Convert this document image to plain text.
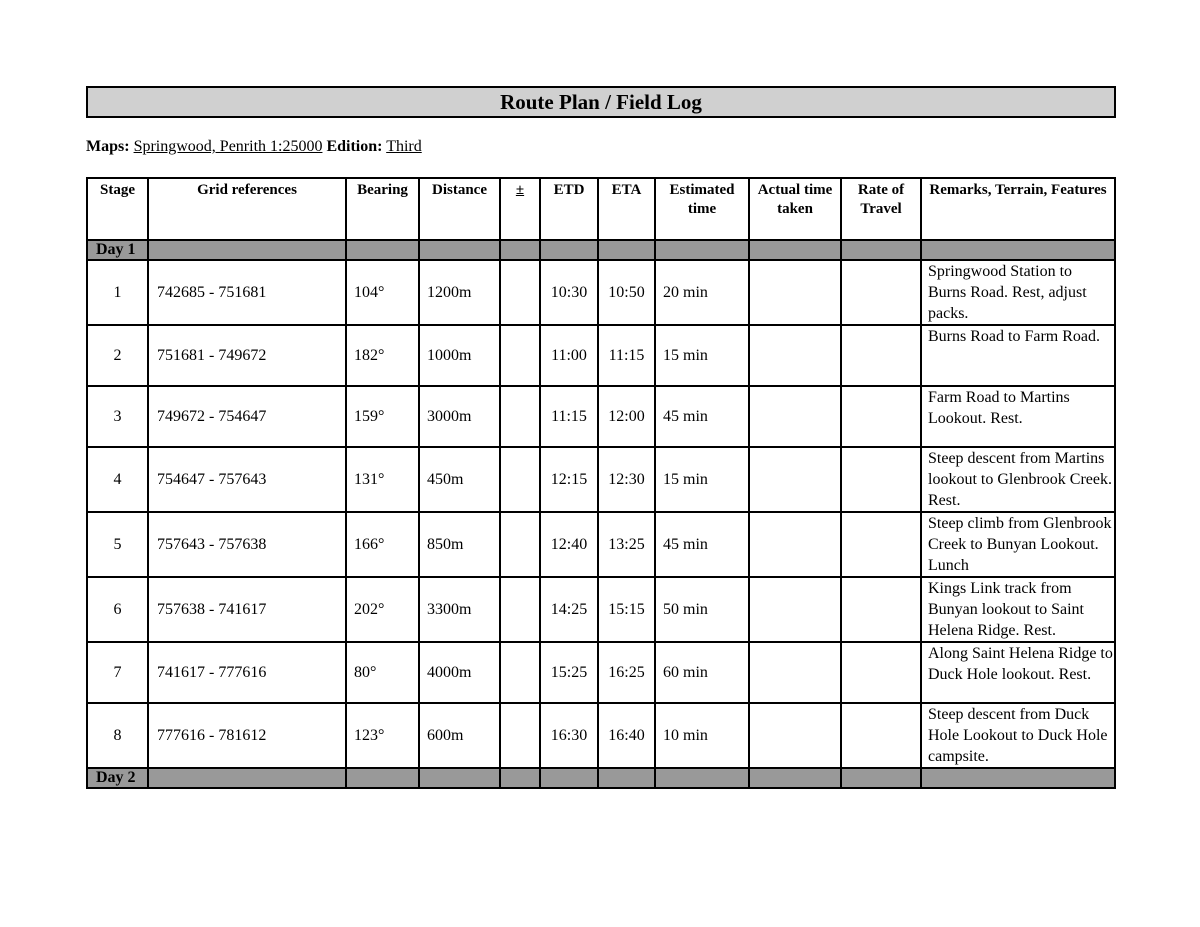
Route Plan / Field Log
Maps: Springwood, Penrith 1:25000 Edition: Third
Stage	Grid references	Bearing	Distance	±	ETD	ETA	Estimated time	Actual time taken	Rate of Travel	Remarks, Terrain, Features
Day 1										
1	742685 - 751681	104°	1200m		10:30	10:50	20 min			Springwood Station to Burns Road. Rest, adjust packs.
2	751681 - 749672	182°	1000m		11:00	11:15	15 min			Burns Road to Farm Road.
3	749672 - 754647	159°	3000m		11:15	12:00	45 min			Farm Road to Martins Lookout. Rest.
4	754647 - 757643	131°	450m		12:15	12:30	15 min			Steep descent from Martins lookout to Glenbrook Creek. Rest.
5	757643 - 757638	166°	850m		12:40	13:25	45 min			Steep climb from Glenbrook Creek to Bunyan Lookout. Lunch
6	757638 - 741617	202°	3300m		14:25	15:15	50 min			Kings Link track from Bunyan lookout to Saint Helena Ridge. Rest.
7	741617 - 777616	80°	4000m		15:25	16:25	60 min			Along Saint Helena Ridge to Duck Hole lookout. Rest.
8	777616 - 781612	123°	600m		16:30	16:40	10 min			Steep descent from Duck Hole Lookout to Duck Hole campsite.
Day 2										
